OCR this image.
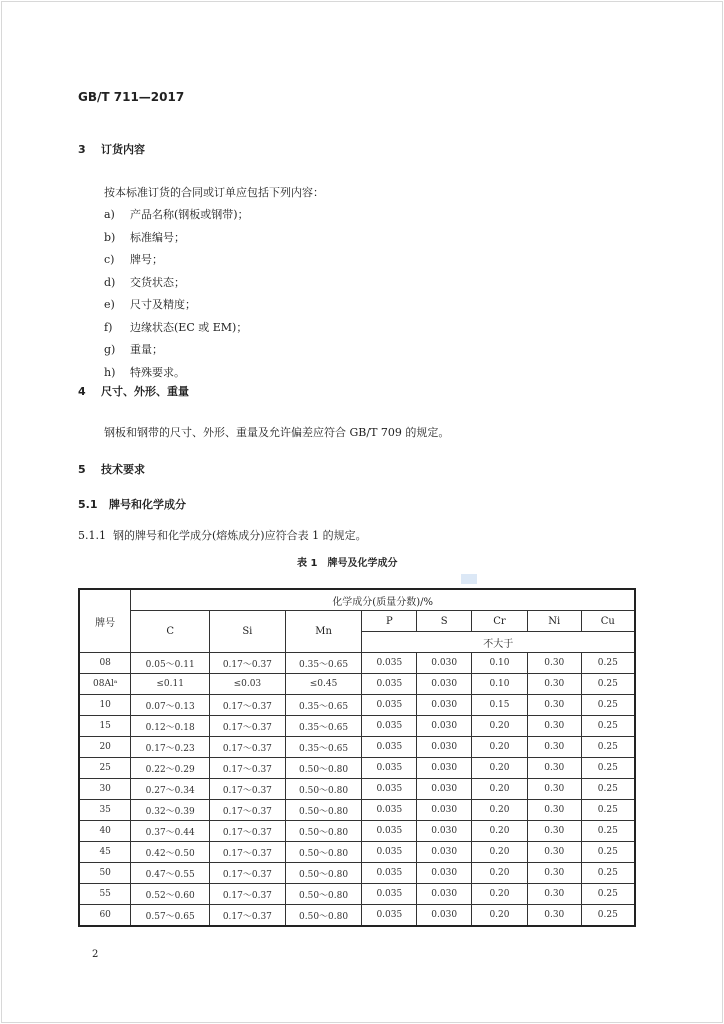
GB/T 711—2017
3 订货内容
按本标准订货的合同或订单应包括下列内容：
a) 产品名称(钢板或钢带)；
b) 标准编号；
c) 牌号；
d) 交货状态；
e) 尺寸及精度；
f) 边缘状态(EC 或 EM)；
g) 重量；
h) 特殊要求。
4 尺寸、外形、重量
钢板和钢带的尺寸、外形、重量及允许偏差应符合 GB/T 709 的规定。
5 技术要求
5.1 牌号和化学成分
5.1.1 钢的牌号和化学成分(熔炼成分)应符合表 1 的规定。
表 1　牌号及化学成分
牌号	化学成分(质量分数)/%							
	C	Si	Mn	P	S	Cr	Ni	Cu
				不大于				
08	0.05～0.11	0.17～0.37	0.35～0.65	0.035	0.030	0.10	0.30	0.25
08Alᵃ	≤0.11	≤0.03	≤0.45	0.035	0.030	0.10	0.30	0.25
10	0.07～0.13	0.17～0.37	0.35～0.65	0.035	0.030	0.15	0.30	0.25
15	0.12～0.18	0.17～0.37	0.35～0.65	0.035	0.030	0.20	0.30	0.25
20	0.17～0.23	0.17～0.37	0.35～0.65	0.035	0.030	0.20	0.30	0.25
25	0.22～0.29	0.17～0.37	0.50～0.80	0.035	0.030	0.20	0.30	0.25
30	0.27～0.34	0.17～0.37	0.50～0.80	0.035	0.030	0.20	0.30	0.25
35	0.32～0.39	0.17～0.37	0.50～0.80	0.035	0.030	0.20	0.30	0.25
40	0.37～0.44	0.17～0.37	0.50～0.80	0.035	0.030	0.20	0.30	0.25
45	0.42～0.50	0.17～0.37	0.50～0.80	0.035	0.030	0.20	0.30	0.25
50	0.47～0.55	0.17～0.37	0.50～0.80	0.035	0.030	0.20	0.30	0.25
55	0.52～0.60	0.17～0.37	0.50～0.80	0.035	0.030	0.20	0.30	0.25
60	0.57～0.65	0.17～0.37	0.50～0.80	0.035	0.030	0.20	0.30	0.25
2
